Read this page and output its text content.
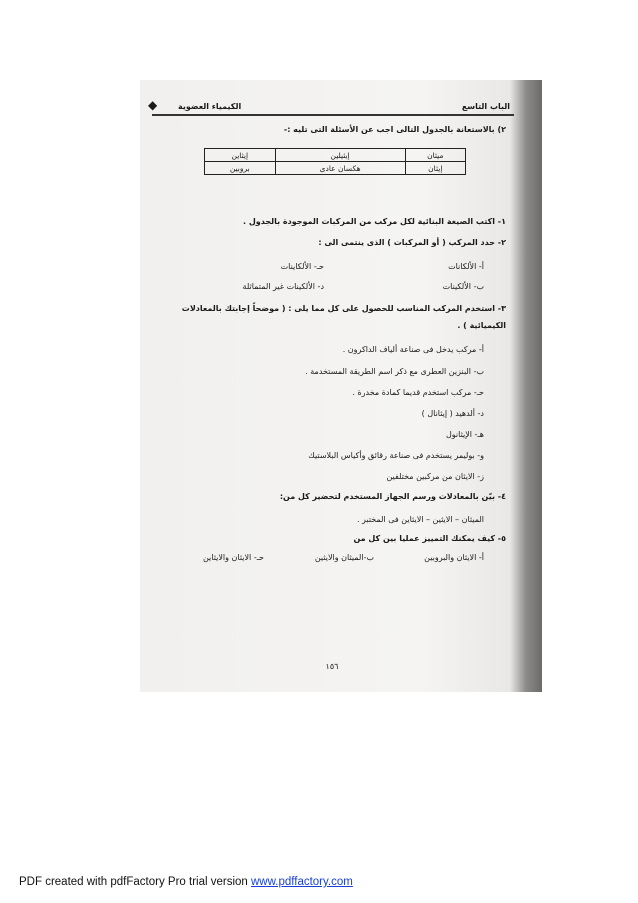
الباب التاسع
الكيمياء العضوية
◆
٢) بالاستعانة بالجدول التالى اجب عن الأسئلة التى تليه :-
ميثان	إيثيلين	إيثاين
إيثان	هكسان عادى	بروبين
١- اكتب الصيغة البنائية لكل مركب من المركبات الموجودة بالجدول .
٢- حدد المركب ( أو المركبات ) الذى ينتمى الى :
أ- الألكانات
حـ- الألكاينات
ب- الألكينات
د- الألكينات غير المتماثلة
٣- استخدم المركب المناسب للحصول على كل مما يلى : ( موضحاً إجابتك بالمعادلات
الكيميائية ) .
أ- مركب يدخل فى صناعة ألياف الداكرون .
ب- البنزين العطرى مع ذكر اسم الطريقة المستخدمة .
حـ- مركب استخدم قديما كمادة مخدرة .
د- ألدهيد ( إيثانال )
هـ- الإيثانول
و- بوليمر يستخدم فى صناعة رقائق وأكياس البلاستيك
ز- الايثان من مركبين مختلفين
٤- بيّن بالمعادلات ورسم الجهاز المستخدم لتحضير كل من:
الميثان – الايثين – الايثاين فى المختبر .
٥- كيف يمكنك التمييز عمليا بين كل من
أ- الايثان والبروبين
ب-الميثان والايثين
حـ- الايثان والايثاين
١٥٦
PDF created with pdfFactory Pro trial version www.pdffactory.com
